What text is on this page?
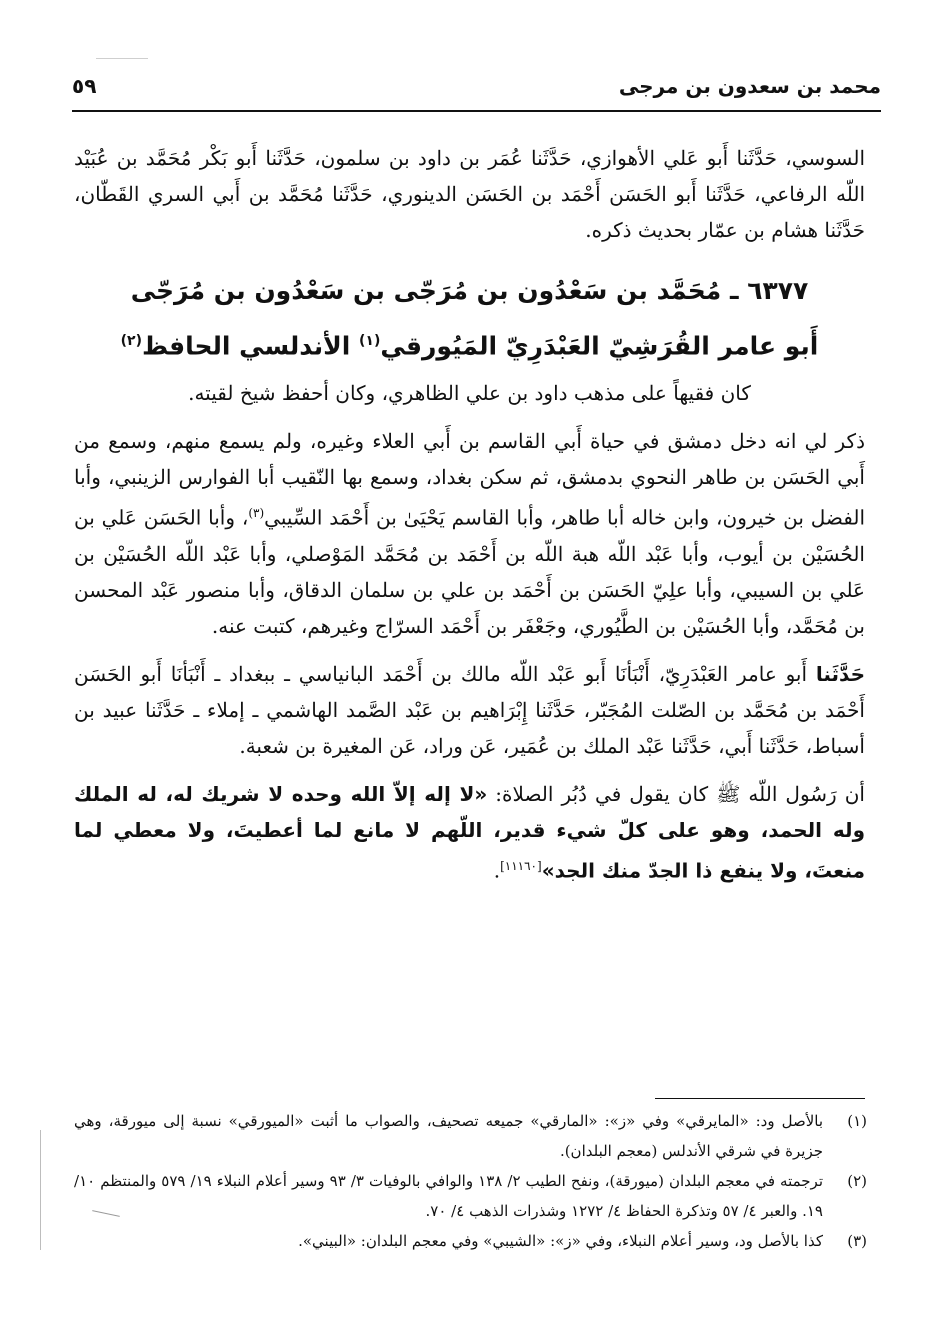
محمد بن سعدون بن مرجى
٥٩

السوسي، حَدَّثَنا أَبو عَلي الأهوازي، حَدَّثَنا عُمَر بن داود بن سلمون، حَدَّثَنا أَبو بَكْر مُحَمَّد بن عُبَيْد اللّه الرفاعي، حَدَّثَنا أَبو الحَسَن أَحْمَد بن الحَسَن الدينوري، حَدَّثَنا مُحَمَّد بن أَبي السري القَطّان، حَدَّثَنا هشام بن عمّار بحديث ذكره.

٦٣٧٧ ـ مُحَمَّد بن سَعْدُون بن مُرَجّى بن سَعْدُون بن مُرَجّى
أَبو عامر القُرَشِيّ العَبْدَرِيّ المَيُورقي$^{(١)}$ الأندلسي الحافظ$^{(٢)}$

كان فقيهاً على مذهب داود بن علي الظاهري، وكان أحفظ شيخ لقيته.

ذكر لي انه دخل دمشق في حياة أَبي القاسم بن أَبي العلاء وغيره، ولم يسمع منهم، وسمع من أَبي الحَسَن بن طاهر النحوي بدمشق، ثم سكن بغداد، وسمع بها النّقيب أبا الفوارس الزينبي، وأبا الفضل بن خيرون، وابن خاله أبا طاهر، وأبا القاسم يَحْيَىٰ بن أَحْمَد السِّيبي$^{(٣)}$، وأبا الحَسَن عَلي بن الحُسَيْن بن أيوب، وأبا عَبْد اللّه هبة اللّه بن أَحْمَد بن مُحَمَّد المَوْصلي، وأبا عَبْد اللّه الحُسَيْن بن عَلي بن السيبي، وأبا علِيّ الحَسَن بن أَحْمَد بن علي بن سلمان الدقاق، وأبا منصور عَبْد المحسن بن مُحَمَّد، وأبا الحُسَيْن بن الطَّيُوري، وجَعْفَر بن أَحْمَد السرّاج وغيرهم، كتبت عنه.

حَدَّثَنا أَبو عامر العَبْدَرِيّ، أَنْبَأنَا أَبو عَبْد اللّه مالك بن أَحْمَد البانياسي ـ ببغداد ـ أَنْبَأنَا أَبو الحَسَن أَحْمَد بن مُحَمَّد بن الصّلت المُجَبّر، حَدَّثَنا إِبْرَاهيم بن عَبْد الصَّمد الهاشمي ـ إملاء ـ حَدَّثَنا عبيد بن أسباط، حَدَّثَنا أَبي، حَدَّثَنا عَبْد الملك بن عُمَير، عَن وراد، عَن المغيرة بن شعبة.

أن رَسُول اللّه ﷺ كان يقول في دُبُر الصلاة: «لا إله إلاّ الله وحده لا شريك له، له الملك وله الحمد، وهو على كلّ شيء قدير، اللّهم لا مانع لما أعطيتَ، ولا معطي لما منعتَ، ولا ينفع ذا الجدّ منك الجد»[١١١٦٠].

(١)
بالأصل ود: «المايرقي» وفي «ز»: «المارقي» جميعه تصحيف، والصواب ما أثبت «الميورقي» نسبة إلى ميورقة، وهي جزيرة في شرقي الأندلس (معجم البلدان).
(٢)
ترجمته في معجم البلدان (ميورقة)، ونفح الطيب ٢/ ١٣٨ والوافي بالوفيات ٣/ ٩٣ وسير أعلام النبلاء ١٩/ ٥٧٩ والمنتظم ١٠/ ١٩. والعبر ٤/ ٥٧ وتذكرة الحفاظ ٤/ ١٢٧٢ وشذرات الذهب ٤/ ٧٠.
(٣)
كذا بالأصل ود، وسير أعلام النبلاء، وفي «ز»: «الشيبي» وفي معجم البلدان: «البيني».
